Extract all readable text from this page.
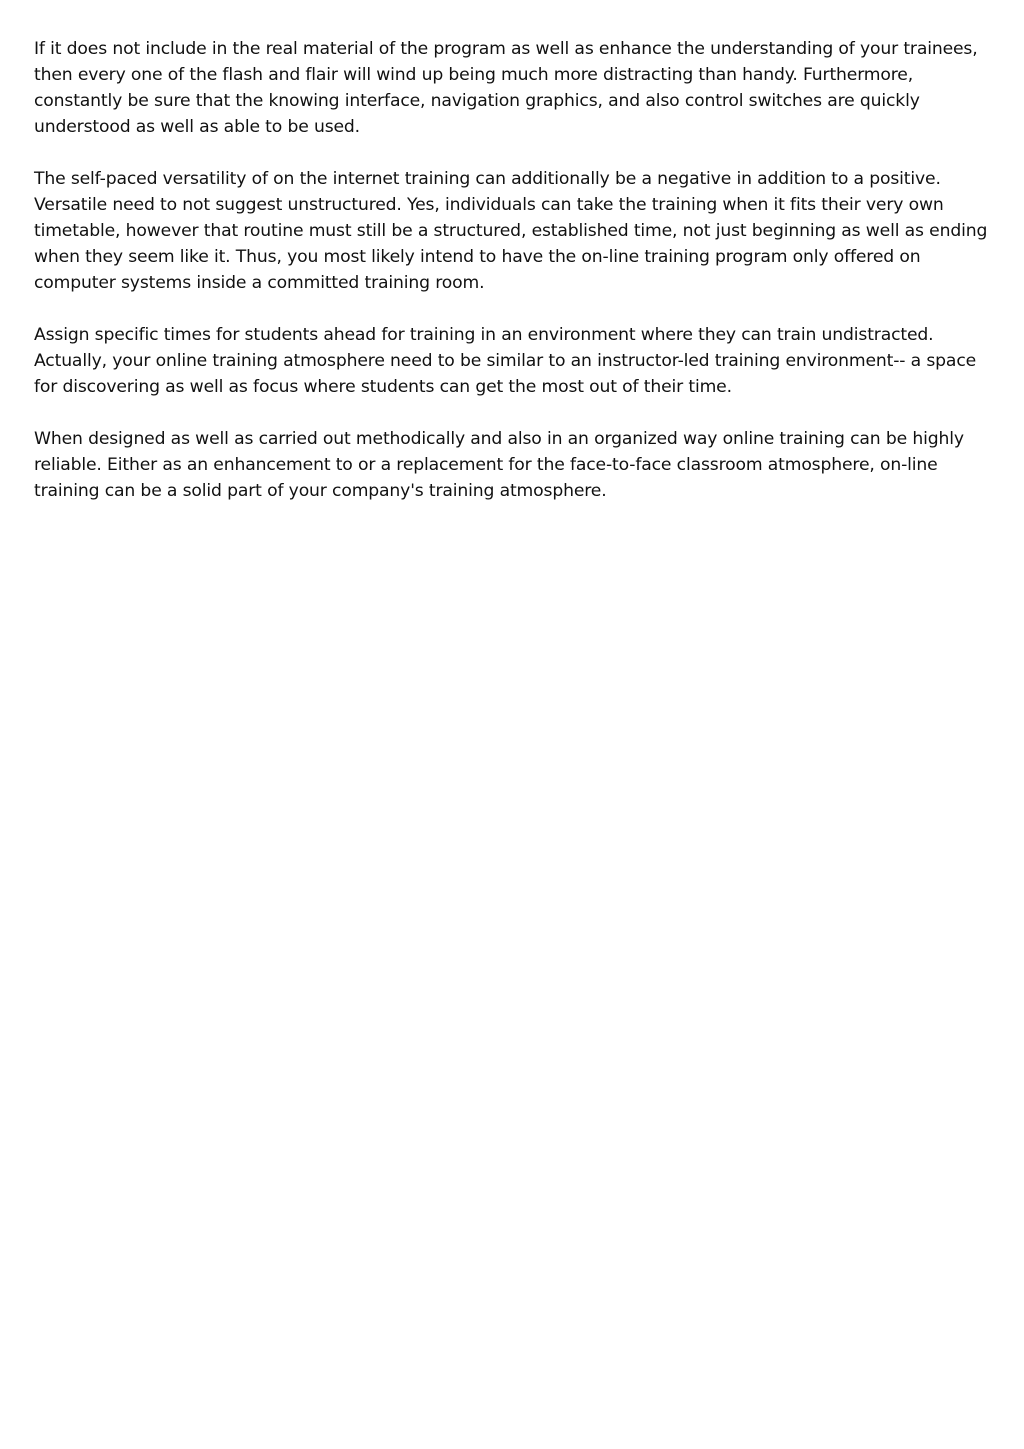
If it does not include in the real material of the program as well as enhance the understanding of your trainees, then every one of the flash and flair will wind up being much more distracting than handy. Furthermore, constantly be sure that the knowing interface, navigation graphics, and also control switches are quickly understood as well as able to be used.

The self-paced versatility of on the internet training can additionally be a negative in addition to a positive. Versatile need to not suggest unstructured. Yes, individuals can take the training when it fits their very own timetable, however that routine must still be a structured, established time, not just beginning as well as ending when they seem like it. Thus, you most likely intend to have the on-line training program only offered on computer systems inside a committed training room.

Assign specific times for students ahead for training in an environment where they can train undistracted. Actually, your online training atmosphere need to be similar to an instructor-led training environment-- a space for discovering as well as focus where students can get the most out of their time.

When designed as well as carried out methodically and also in an organized way online training can be highly reliable. Either as an enhancement to or a replacement for the face-to-face classroom atmosphere, on-line training can be a solid part of your company's training atmosphere.
